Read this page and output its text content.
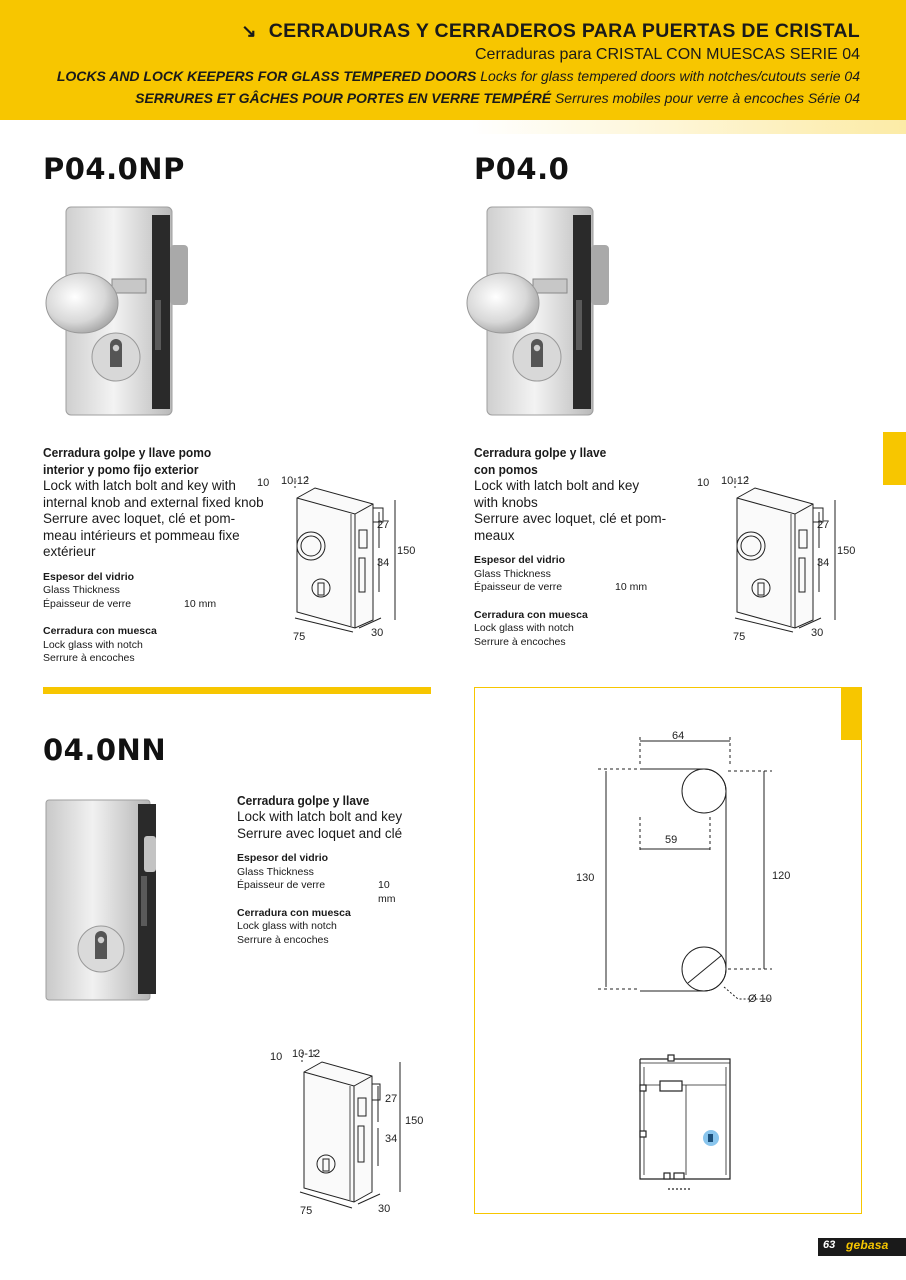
↘ CERRADURAS Y CERRADEROS PARA PUERTAS DE CRISTAL
Cerraduras para CRISTAL CON MUESCAS SERIE 04
LOCKS AND LOCK KEEPERS FOR GLASS TEMPERED DOORS Locks for glass tempered doors with notches/cutouts serie 04
SERRURES ET GÂCHES POUR PORTES EN VERRE TEMPÉRÉ Serrures mobiles pour verre à encoches Série 04
P04.0NP
Cerradura golpe y llave pomo
interior y pomo fijo exterior
Lock with latch bolt and key with
internal knob and external fixed knob
Serrure avec loquet, clé et pom-
meau intérieurs et pommeau fixe
extérieur
Espesor del vidrio
Glass Thickness
Épaisseur de verre	10 mm
Cerradura con muesca
Lock glass with notch
Serrure à encoches
10 10-12
27
34
150
75	30
P04.0
Cerradura golpe y llave
con pomos
Lock with latch bolt and key
with knobs
Serrure avec loquet, clé et pom-
meaux
Espesor del vidrio
Glass Thickness
Épaisseur de verre	10 mm
Cerradura con muesca
Lock glass with notch
Serrure à encoches
10 10-12
27
34
150
75	30
04.0NN
Cerradura golpe y llave
Lock with latch bolt and key
Serrure avec loquet and clé
Espesor del vidrio
Glass Thickness
Épaisseur de verre	10 mm
Cerradura con muesca
Lock glass with notch
Serrure à encoches
10 10-12
27
34
150
75	30
64
59
130	120
Ø 10
63 gebasa
